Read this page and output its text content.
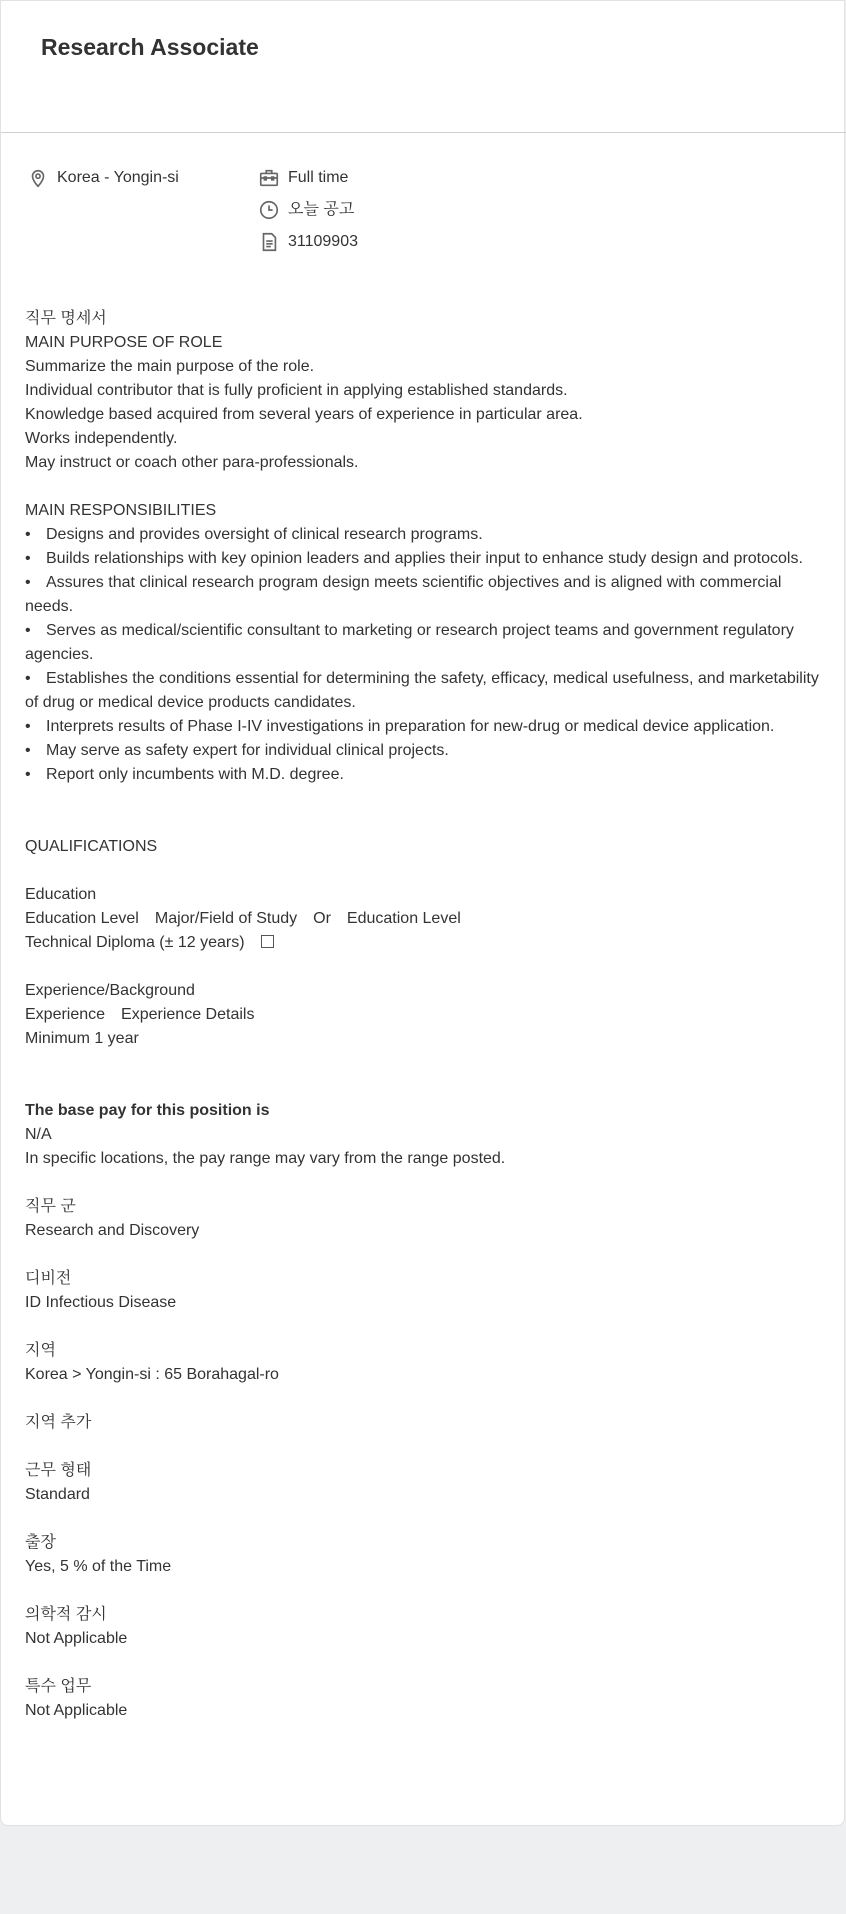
Research Associate
Korea - Yongin-si	Full time
오늘 공고
31109903
직무 명세서
MAIN PURPOSE OF ROLE
Summarize the main purpose of the role.
Individual contributor that is fully proficient in applying established standards.
Knowledge based acquired from several years of experience in particular area.
Works independently.
May instruct or coach other para-professionals.
MAIN RESPONSIBILITIES
• Designs and provides oversight of clinical research programs.
• Builds relationships with key opinion leaders and applies their input to enhance study design and protocols.
• Assures that clinical research program design meets scientific objectives and is aligned with commercial needs.
• Serves as medical/scientific consultant to marketing or research project teams and government regulatory agencies.
• Establishes the conditions essential for determining the safety, efficacy, medical usefulness, and marketability of drug or medical device products candidates.
• Interprets results of Phase I-IV investigations in preparation for new-drug or medical device application.
• May serve as safety expert for individual clinical projects.
• Report only incumbents with M.D. degree.
QUALIFICATIONS
Education
Education Level Major/Field of Study Or Education Level
Technical Diploma (± 12 years)
Experience/Background
Experience Experience Details
Minimum 1 year
The base pay for this position is
N/A
In specific locations, the pay range may vary from the range posted.
직무 군
Research and Discovery
디비전
ID Infectious Disease
지역
Korea > Yongin-si : 65 Borahagal-ro
지역 추가
근무 형태
Standard
출장
Yes, 5 % of the Time
의학적 감시
Not Applicable
특수 업무
Not Applicable
